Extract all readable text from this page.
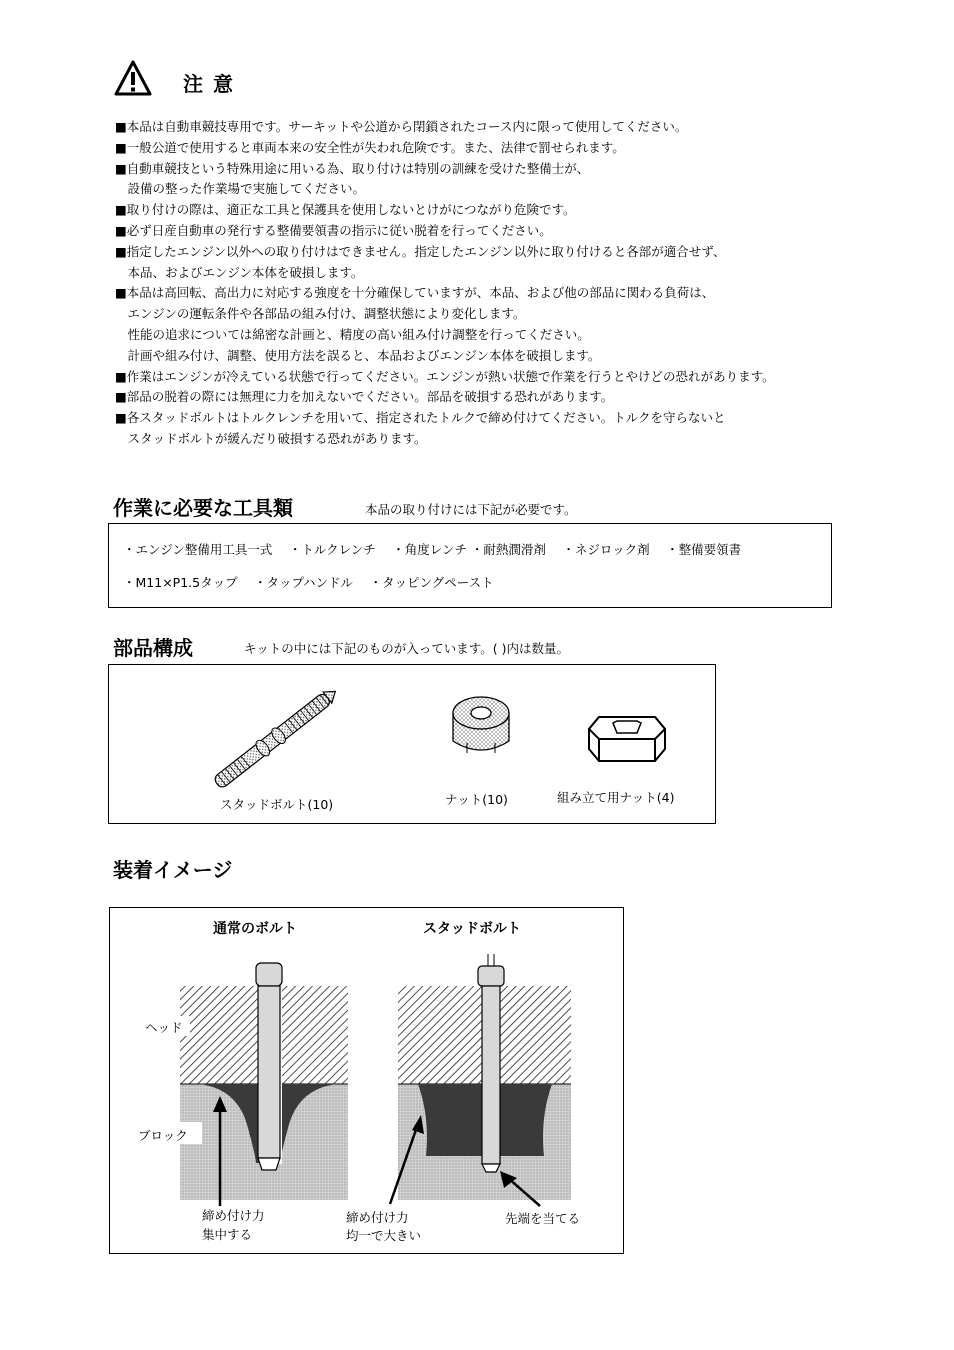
注意
■本品は自動車競技専用です。サーキットや公道から閉鎖されたコース内に限って使用してください。
■一般公道で使用すると車両本来の安全性が失われ危険です。また、法律で罰せられます。
■自動車競技という特殊用途に用いる為、取り付けは特別の訓練を受けた整備士が、
　設備の整った作業場で実施してください。
■取り付けの際は、適正な工具と保護具を使用しないとけがにつながり危険です。
■必ず日産自動車の発行する整備要領書の指示に従い脱着を行ってください。
■指定したエンジン以外への取り付けはできません。指定したエンジン以外に取り付けると各部が適合せず、
　本品、およびエンジン本体を破損します。
■本品は高回転、高出力に対応する強度を十分確保していますが、本品、および他の部品に関わる負荷は、
　エンジンの運転条件や各部品の組み付け、調整状態により変化します。
　性能の追求については綿密な計画と、精度の高い組み付け調整を行ってください。
　計画や組み付け、調整、使用方法を誤ると、本品およびエンジン本体を破損します。
■作業はエンジンが冷えている状態で行ってください。エンジンが熱い状態で作業を行うとやけどの恐れがあります。
■部品の脱着の際には無理に力を加えないでください。部品を破損する恐れがあります。
■各スタッドボルトはトルクレンチを用いて、指定されたトルクで締め付けてください。トルクを守らないと
　スタッドボルトが緩んだり破損する恐れがあります。
作業に必要な工具類	本品の取り付けには下記が必要です。
・エンジン整備用工具一式　 ・トルクレンチ　 ・角度レンチ ・耐熱潤滑剤　 ・ネジロック剤　 ・整備要領書
・M11×P1.5タップ　 ・タップハンドル　 ・タッピングペースト
部品構成	キットの中には下記のものが入っています。( )内は数量。
スタッドボルト(10)	ナット(10)	組み立て用ナット(4)
装着イメージ
通常のボルト	スタッドボルト
ヘッド
ブロック
締め付け力
集中する
締め付け力
均一で大きい
先端を当てる
